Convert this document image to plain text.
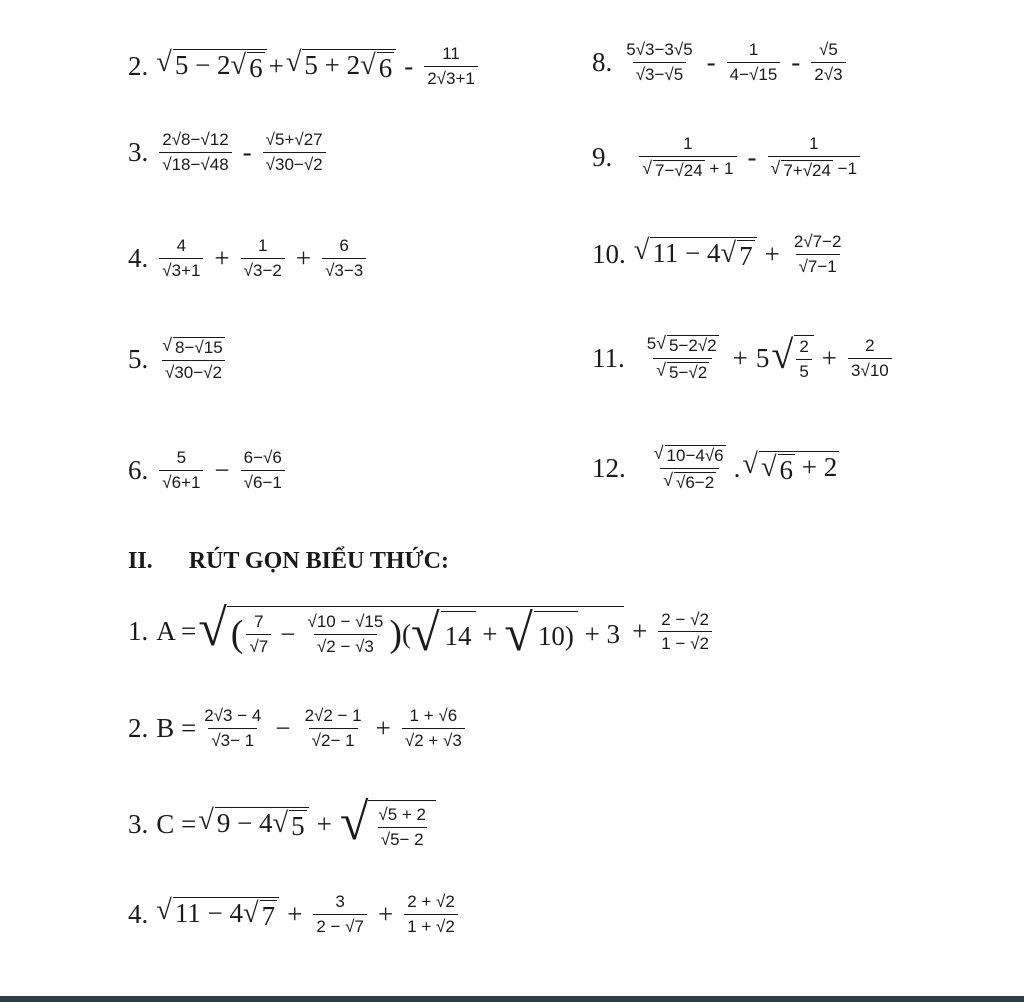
2. √ 5 − 2 √ 6 + √ 5 + 2 √ $6 - \frac{11}{2√3+1}$
3. $\frac{2√8-√12}{√18-√48} - \frac{√5+√27}{√30-√2}$
4. $\frac{4}{√3+1} + \frac{1}{√3-2} + \frac{6}{√3-3}$
5. $\frac{√ 8-√15}{√30-√2}$
6. $\frac{5}{√6+1} - \frac{6-√6}{√6-1}$
8. $\frac{5√3-3√5}{√3-√5} - \frac{1}{4-√15} - \frac{√5}{2√3}$
9. $\frac{1}{√ 7-√24 + 1} - \frac{1}{√ 7+√24 -1}$
10. √ 11 − 4 √ $7 + \frac{2√7-2}{√7-1}$
11. $\frac{5 √ 5-2√2}{√ 5-√2} + 5$ √ $\frac{2}{5} + \frac{2}{3√10}$
12. $\frac{√ 10-4√6}{√ √6-2}$ . √ √ 6 + 2
II. RÚT GỌN BIỂU THỨC:
1. A = √ ( $\frac{7}{√7} - \frac{√10 - √15}{√2 - √3}$ ) ( √ 14 + √ $10) + 3 + \frac{2 - √2}{1 - √2}$
2. $B = \frac{2√3 - 4}{√3- 1} - \frac{2√2 - 1}{√2- 1} + \frac{1 + √6}{√2 + √3}$
3. C = √ 9 − 4 √ 5 + √ $\frac{√5 + 2}{√5- 2}$
4. √ 11 − 4 √ $7 + \frac{3}{2 - √7} + \frac{2 + √2}{1 + √2}$
